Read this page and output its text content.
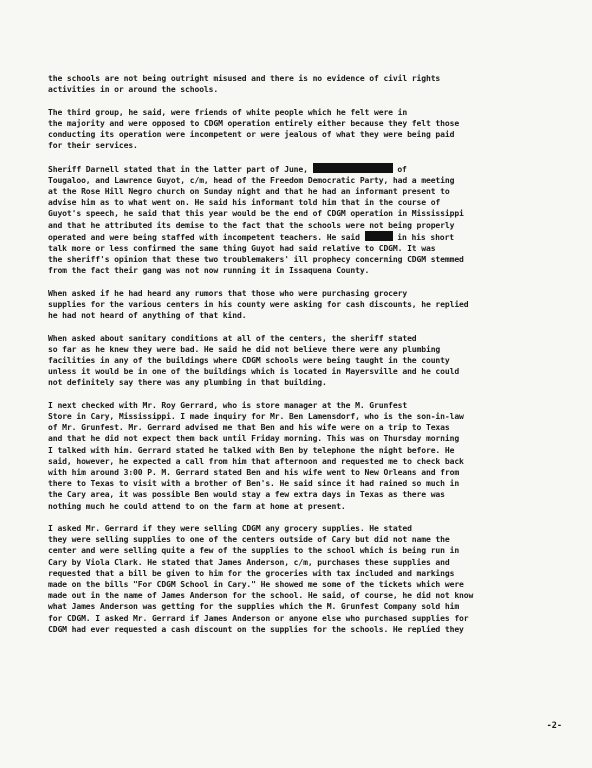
the schools are not being outright misused and there is no evidence of civil rights
activities in or around the schools.

The third group, he said, were friends of white people which he felt were in
the majority and were opposed to CDGM operation entirely either because they felt those
conducting its operation were incompetent or were jealous of what they were being paid
for their services.

Sheriff Darnell stated that in the latter part of June,	of
Tougaloo, and Lawrence Guyot, c/m, head of the Freedom Democratic Party, had a meeting
at the Rose Hill Negro church on Sunday night and that he had an informant present to
advise him as to what went on. He said his informant told him that in the course of
Guyot's speech, he said that this year would be the end of CDGM operation in Mississippi
and that he attributed its demise to the fact that the schools were not being properly
operated and were being staffed with incompetent teachers. He said	in his short
talk more or less confirmed the same thing Guyot had said relative to CDGM. It was
the sheriff's opinion that these two troublemakers' ill prophecy concerning CDGM stemmed
from the fact their gang was not now running it in Issaquena County.

When asked if he had heard any rumors that those who were purchasing grocery
supplies for the various centers in his county were asking for cash discounts, he replied
he had not heard of anything of that kind.

When asked about sanitary conditions at all of the centers, the sheriff stated
so far as he knew they were bad. He said he did not believe there were any plumbing
facilities in any of the buildings where CDGM schools were being taught in the county
unless it would be in one of the buildings which is located in Mayersville and he could
not definitely say there was any plumbing in that building.

I next checked with Mr. Roy Gerrard, who is store manager at the M. Grunfest
Store in Cary, Mississippi. I made inquiry for Mr. Ben Lamensdorf, who is the son-in-law
of Mr. Grunfest. Mr. Gerrard advised me that Ben and his wife were on a trip to Texas
and that he did not expect them back until Friday morning. This was on Thursday morning
I talked with him. Gerrard stated he talked with Ben by telephone the night before. He
said, however, he expected a call from him that afternoon and requested me to check back
with him around 3:00 P. M. Gerrard stated Ben and his wife went to New Orleans and from
there to Texas to visit with a brother of Ben's. He said since it had rained so much in
the Cary area, it was possible Ben would stay a few extra days in Texas as there was
nothing much he could attend to on the farm at home at present.

I asked Mr. Gerrard if they were selling CDGM any grocery supplies. He stated
they were selling supplies to one of the centers outside of Cary but did not name the
center and were selling quite a few of the supplies to the school which is being run in
Cary by Viola Clark. He stated that James Anderson, c/m, purchases these supplies and
requested that a bill be given to him for the groceries with tax included and markings
made on the bills "For CDGM School in Cary." He showed me some of the tickets which were
made out in the name of James Anderson for the school. He said, of course, he did not know
what James Anderson was getting for the supplies which the M. Grunfest Company sold him
for CDGM. I asked Mr. Gerrard if James Anderson or anyone else who purchased supplies for
CDGM had ever requested a cash discount on the supplies for the schools. He replied they

-2-
